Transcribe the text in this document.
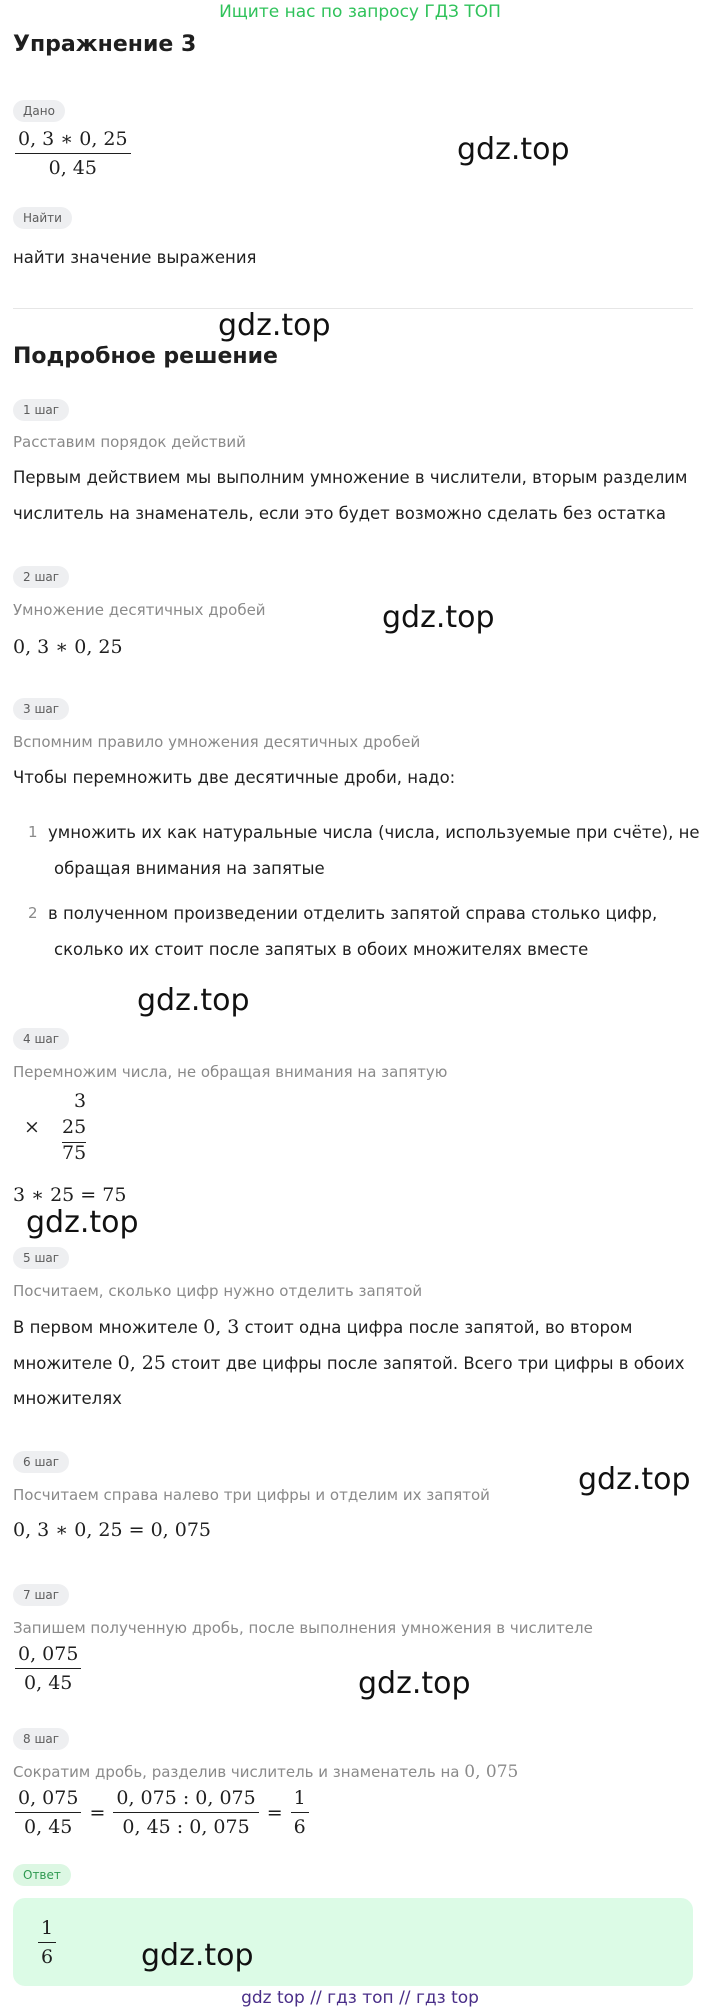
Ищите нас по запросу ГДЗ ТОП
Упражнение 3
Дано
$\frac{0, 3 ∗ 0, 25}{0, 45}$
Найти
найти значение выражения
Подробное решение
1 шаг
Расставим порядок действий
Первым действием мы выполним умножение в числители, вторым разделим
числитель на знаменатель, если это будет возможно сделать без остатка
2 шаг
Умножение десятичных дробей
0, 3 ∗ 0, 25
3 шаг
Вспомним правило умножения десятичных дробей
Чтобы перемножить две десятичные дроби, надо:
1 умножить их как натуральные числа (числа, используемые при счёте), не
обращая внимания на запятые
2 в полученном произведении отделить запятой справа столько цифр,
сколько их стоит после запятых в обоих множителях вместе
4 шаг
Перемножим числа, не обращая внимания на запятую
3
× 25
75
3 ∗ 25 = 75
5 шаг
Посчитаем, сколько цифр нужно отделить запятой
В первом множителе 0, 3 стоит одна цифра после запятой, во втором
множителе 0, 25 стоит две цифры после запятой. Всего три цифры в обоих
множителях
6 шаг
Посчитаем справа налево три цифры и отделим их запятой
0, 3 ∗ 0, 25 = 0, 075
7 шаг
Запишем полученную дробь, после выполнения умножения в числителе
$\frac{0, 075}{0, 45}$
8 шаг
Сократим дробь, разделив числитель и знаменатель на 0, 075
$\frac{0, 075}{0, 45} = \frac{0, 075 : 0, 075}{0, 45 : 0, 075} = \frac{1}{6}$
Ответ
$\frac{1}{6}$
gdz.top
gdz.top
gdz.top
gdz.top
gdz.top
gdz.top
gdz.top
gdz.top
gdz top // гдз топ // гдз top
